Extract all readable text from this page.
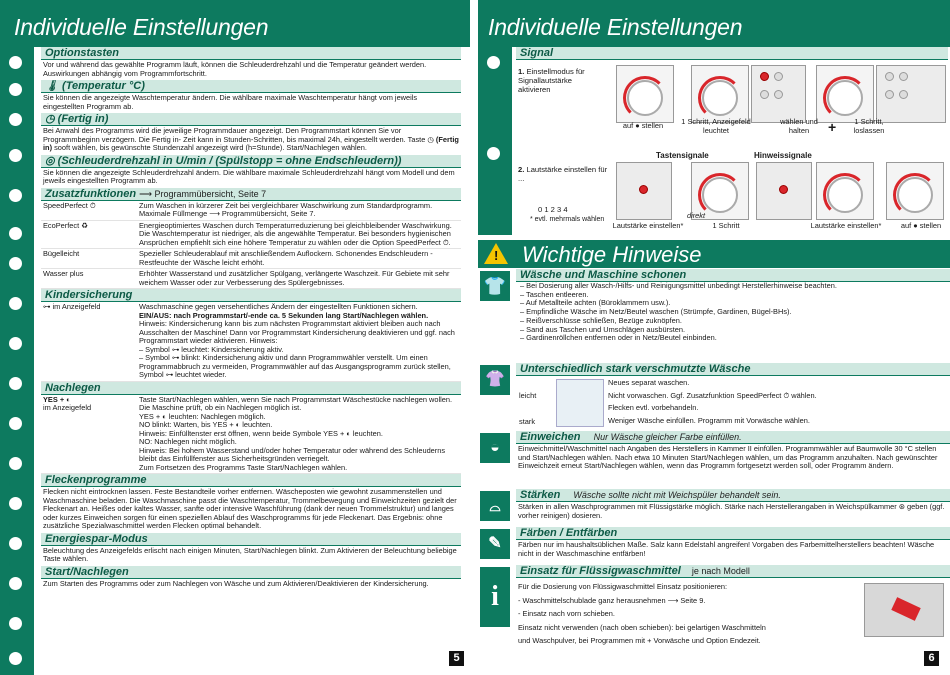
Individuelle Einstellungen
Optionstasten
Vor und während das gewählte Programm läuft, können die Schleuderdrehzahl und die Temperatur geändert werden. Auswirkungen abhängig vom Programmfortschritt.
🌡 (Temperatur °C)
Sie können die angezeigte Waschtemperatur ändern. Die wählbare maximale Waschtemperatur hängt vom jeweils eingestellten Programm ab.
◷ (Fertig in)
Bei Anwahl des Programms wird die jeweilige Programmdauer angezeigt. Den Programmstart können Sie vor Programmbeginn verzögern. Die Fertig in- Zeit kann in Stunden-Schritten, bis maximal 24h, eingestellt werden. Taste ◷ (Fertig in) sooft wählen, bis gewünschte Stundenzahl angezeigt wird (h=Stunde). Start/Nachlegen wählen.
◎ (Schleuderdrehzahl in U/min / (Spülstopp = ohne Endschleudern))
Sie können die angezeigte Schleuderdrehzahl ändern. Die wählbare maximale Schleuderdrehzahl hängt vom Modell und dem jeweils eingestellten Programm ab.
Zusatzfunktionen ⟶ Programmübersicht, Seite 7
SpeedPerfect ⏱	Zum Waschen in kürzerer Zeit bei vergleichbarer Waschwirkung zum Standardprogramm. Maximale Füllmenge ⟶ Programmübersicht, Seite 7.
EcoPerfect ♻	Energieoptimiertes Waschen durch Temperaturreduzierung bei gleichbleibender Waschwirkung. Die Waschtemperatur ist niedriger, als die angewählte Temperatur. Bei besonders hygienischen Ansprüchen empfiehlt sich eine höhere Temperatur zu wählen oder die Option SpeedPerfect ⏱.
Bügelleicht	Spezieller Schleuderablauf mit anschließendem Auflockern. Schonendes Endschleudern - Restfeuchte der Wäsche leicht erhöht.
Wasser plus	Erhöhter Wasserstand und zusätzlicher Spülgang, verlängerte Waschzeit. Für Gebiete mit sehr weichem Wasser oder zur Verbesserung des Spülergebnisses.
Kindersicherung
⊶ im Anzeigefeld	Waschmaschine gegen versehentliches Ändern der eingestellten Funktionen sichern.
EIN/AUS: nach Programmstart/-ende ca. 5 Sekunden lang Start/Nachlegen wählen.
Hinweis: Kindersicherung kann bis zum nächsten Programmstart aktiviert bleiben auch nach Ausschalten der Maschine! Dann vor Programmstart Kindersicherung deaktivieren und ggf. nach Programmstart wieder aktivieren. Hinweis:
– Symbol ⊶ leuchtet: Kindersicherung aktiv.
– Symbol ⊶ blinkt: Kindersicherung aktiv und dann Programmwähler verstellt. Um einen Programmabbruch zu vermeiden, Programmwähler auf das Ausgangsprogramm zurück stellen, Symbol ⊶ leuchtet wieder.
Nachlegen
YES + ◐
im Anzeigefeld
Taste Start/Nachlegen wählen, wenn Sie nach Programmstart Wäschestücke nachlegen wollen. Die Maschine prüft, ob ein Nachlegen möglich ist.
YES + ◐ leuchten: Nachlegen möglich.
NO blinkt: Warten, bis YES + ◐ leuchten.
Hinweis: Einfülltenster erst öffnen, wenn beide Symbole YES + ◐ leuchten.
NO: Nachlegen nicht möglich.
Hinweis: Bei hohem Wasserstand und/oder hoher Temperatur oder während des Schleuderns bleibt das Einfüllfenster aus Sicherheitsgründen verriegelt.
Zum Fortsetzen des Programms Taste Start/Nachlegen wählen.
Fleckenprogramme
Flecken nicht eintrocknen lassen. Feste Bestandteile vorher entfernen. Wäscheposten wie gewohnt zusammenstellen und Waschmaschine beladen. Die Waschmaschine passt die Waschtemperatur, Trommelbewegung und Einweichzeiten gezielt der Fleckenart an. Heißes oder kaltes Wasser, sanfte oder intensive Waschführung (dank der neuen Trommelstruktur) und langes oder kurzes Einweichen sorgen für einen speziellen Ablauf des Waschprogramms für jede Fleckenart. Das Ergebnis: ohne zusätzliche Spezialwaschmittel werden Flecken optimal behandelt.
Energiespar-Modus
Beleuchtung des Anzeigefelds erlischt nach einigen Minuten, Start/Nachlegen blinkt. Zum Aktivieren der Beleuchtung beliebige Taste wählen.
Start/Nachlegen
Zum Starten des Programms oder zum Nachlegen von Wäsche und zum Aktivieren/Deaktivieren der Kindersicherung.
5
Individuelle Einstellungen
Signal
1. Einstellmodus für Signallautstärke aktivieren
auf ● stellen	1 Schritt, Anzeigefeld leuchtet
wählen und halten	+	1 Schritt, loslassen
Tastensignale	Hinweissignale
2. Lautstärke einstellen für ...
0 1 2 3 4
* evtl. mehrmals wählen
Lautstärke einstellen*
direkt
1 Schritt	Lautstärke einstellen*	auf ● stellen
! Wichtige Hinweise
👕
Wäsche und Maschine schonen
– Bei Dosierung aller Wasch-/Hilfs- und Reinigungsmittel unbedingt Herstellerhinweise beachten.
– Taschen entleeren.
– Auf Metallteile achten (Büroklammern usw.).
– Empfindliche Wäsche im Netz/Beutel waschen (Strümpfe, Gardinen, Bügel-BHs).
– Reißverschlüsse schließen, Bezüge zuknöpfen.
– Sand aus Taschen und Umschlägen ausbürsten.
– Gardinenröllchen entfernen oder in Netz/Beutel einbinden.
👚
Unterschiedlich stark verschmutzte Wäsche
leicht
stark
Neues separat waschen.
Nicht vorwaschen. Ggf. Zusatzfunktion SpeedPerfect ⏱ wählen.
Flecken evtl. vorbehandeln.
Weniger Wäsche einfüllen. Programm mit Vorwäsche wählen.
◒
Einweichen Nur Wäsche gleicher Farbe einfüllen.
Einweichmittel/Waschmittel nach Angaben des Herstellers in Kammer II einfüllen. Programmwähler auf Baumwolle 30 °C stellen und Start/Nachlegen wählen. Nach etwa 10 Minuten Start/Nachlegen wählen, um das Programm anzuhalten. Nach gewünschter Einweichzeit erneut Start/Nachlegen wählen, wenn das Programm fortgesetzt werden soll, oder Programm ändern.
⌓
Stärken Wäsche sollte nicht mit Weichspüler behandelt sein.
Stärken in allen Waschprogrammen mit Flüssigstärke möglich. Stärke nach Herstellerangaben in Weichspülkammer ⊛ geben (ggf. vorher reinigen) dosieren.
✎
Färben / Entfärben
Färben nur im haushaltsüblichen Maße. Salz kann Edelstahl angreifen! Vorgaben des Farbemittelherstellers beachten! Wäsche nicht in der Waschmaschine entfärben!
i
Einsatz für Flüssigwaschmittel je nach Modell
Für die Dosierung von Flüssigwaschmittel Einsatz positionieren:
- Waschmittelschublade ganz herausnehmen ⟶ Seite 9.
- Einsatz nach vorn schieben.
Einsatz nicht verwenden (nach oben schieben): bei gelartigen Waschmitteln
und Waschpulver, bei Programmen mit + Vorwäsche und Option Endezeit.
6
